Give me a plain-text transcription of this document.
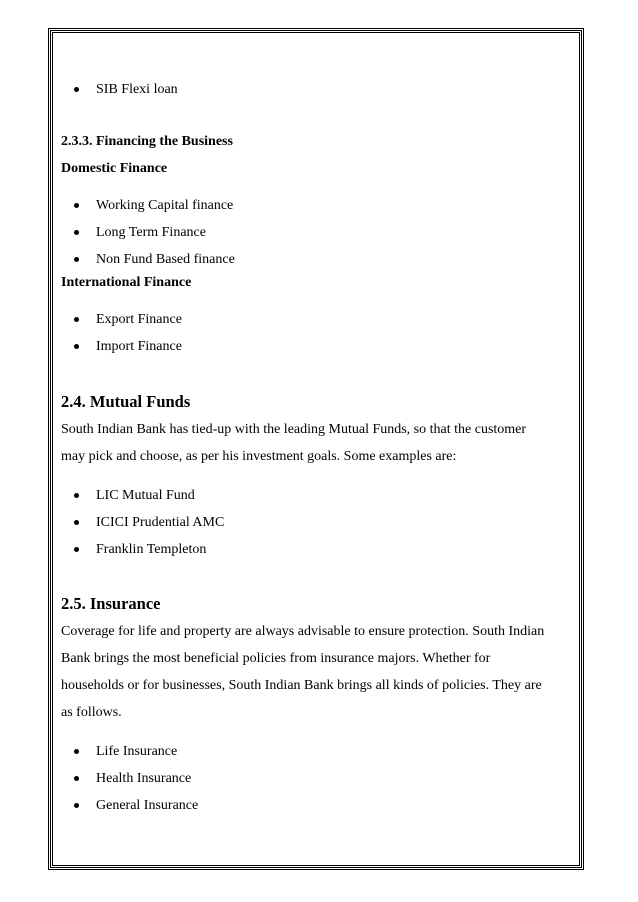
SIB Flexi loan

2.3.3. Financing the Business

Domestic Finance

Working Capital finance
Long Term Finance
Non Fund Based finance

International Finance

Export Finance
Import Finance

2.4. Mutual Funds

South Indian Bank has tied-up with the leading Mutual Funds, so that the customer

may pick and choose, as per his investment goals. Some examples are:

LIC Mutual Fund
ICICI Prudential AMC
Franklin Templeton

2.5. Insurance

Coverage for life and property are always advisable to ensure protection. South Indian

Bank brings the most beneficial policies from insurance majors. Whether for

households or for businesses, South Indian Bank brings all kinds of policies. They are

as follows.

Life Insurance
Health Insurance
General Insurance
